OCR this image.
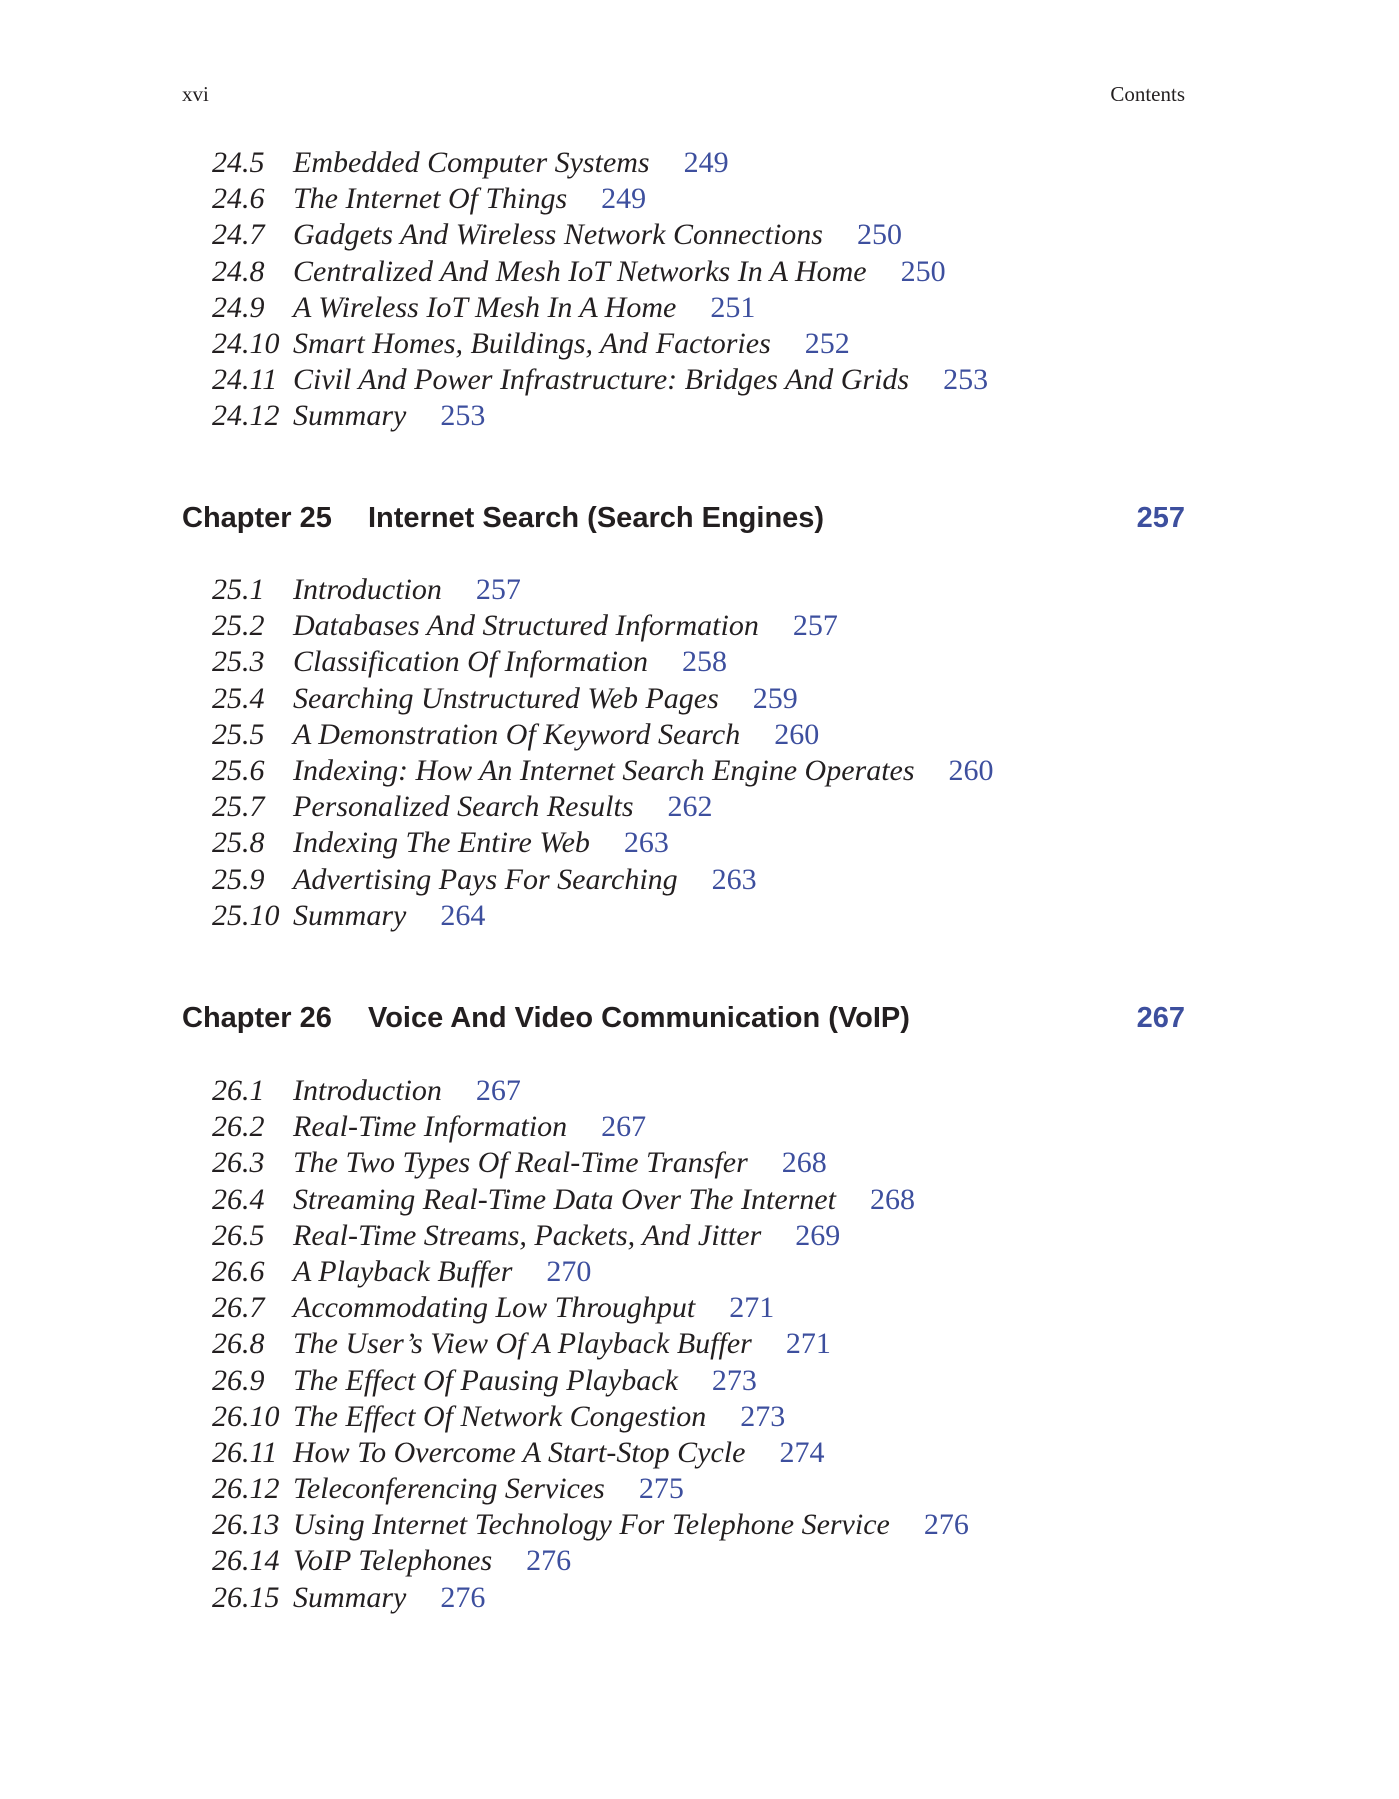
xvi	Contents
24.5 Embedded Computer Systems 249
24.6 The Internet Of Things 249
24.7 Gadgets And Wireless Network Connections 250
24.8 Centralized And Mesh IoT Networks In A Home 250
24.9 A Wireless IoT Mesh In A Home 251
24.10 Smart Homes, Buildings, And Factories 252
24.11 Civil And Power Infrastructure: Bridges And Grids 253
24.12 Summary 253
Chapter 25 Internet Search (Search Engines)	257
25.1 Introduction 257
25.2 Databases And Structured Information 257
25.3 Classification Of Information 258
25.4 Searching Unstructured Web Pages 259
25.5 A Demonstration Of Keyword Search 260
25.6 Indexing: How An Internet Search Engine Operates 260
25.7 Personalized Search Results 262
25.8 Indexing The Entire Web 263
25.9 Advertising Pays For Searching 263
25.10 Summary 264
Chapter 26 Voice And Video Communication (VoIP)	267
26.1 Introduction 267
26.2 Real-Time Information 267
26.3 The Two Types Of Real-Time Transfer 268
26.4 Streaming Real-Time Data Over The Internet 268
26.5 Real-Time Streams, Packets, And Jitter 269
26.6 A Playback Buffer 270
26.7 Accommodating Low Throughput 271
26.8 The User’s View Of A Playback Buffer 271
26.9 The Effect Of Pausing Playback 273
26.10 The Effect Of Network Congestion 273
26.11 How To Overcome A Start-Stop Cycle 274
26.12 Teleconferencing Services 275
26.13 Using Internet Technology For Telephone Service 276
26.14 VoIP Telephones 276
26.15 Summary 276
